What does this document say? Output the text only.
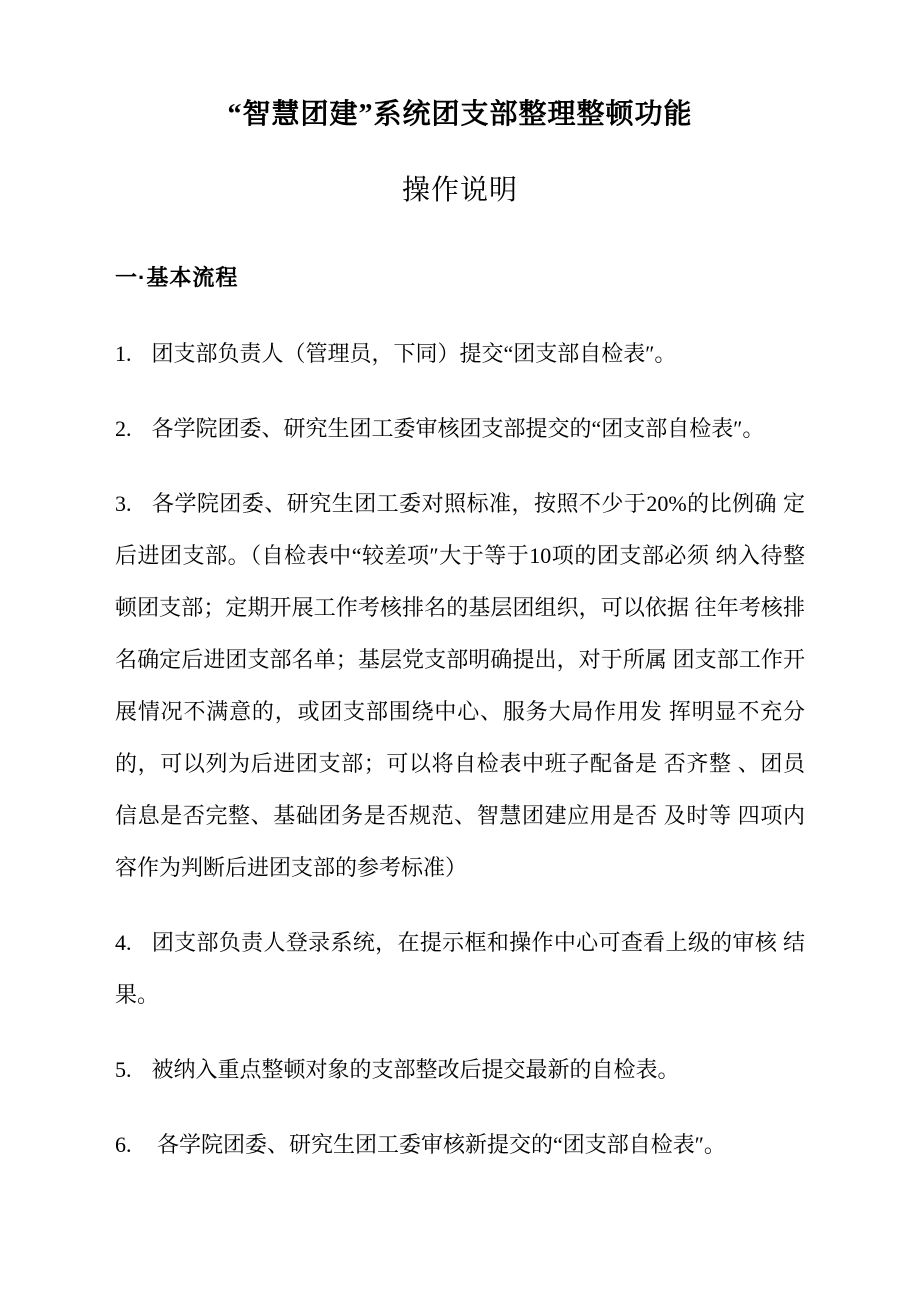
“智慧团建”系统团支部整理整顿功能
操作说明
一·基本流程

1. 团支部负责人（管理员，下同）提交“团支部自检表″。

2. 各学院团委、研究生团工委审核团支部提交的“团支部自检表″。

3. 各学院团委、研究生团工委对照标准，按照不少于20%的比例确 定后进团支部。（自检表中“较差项″大于等于10项的团支部必须 纳入待整顿团支部；定期开展工作考核排名的基层团组织，可以依据 往年考核排名确定后进团支部名单；基层党支部明确提出，对于所属 团支部工作开展情况不满意的，或团支部围绕中心、服务大局作用发 挥明显不充分的，可以列为后进团支部；可以将自检表中班子配备是 否齐整 、团员信息是否完整、基础团务是否规范、智慧团建应用是否 及时等 四项内容作为判断后进团支部的参考标准）

4. 团支部负责人登录系统，在提示框和操作中心可查看上级的审核 结果。

5. 被纳入重点整顿对象的支部整改后提交最新的自检表。

6. 各学院团委、研究生团工委审核新提交的“团支部自检表″。
